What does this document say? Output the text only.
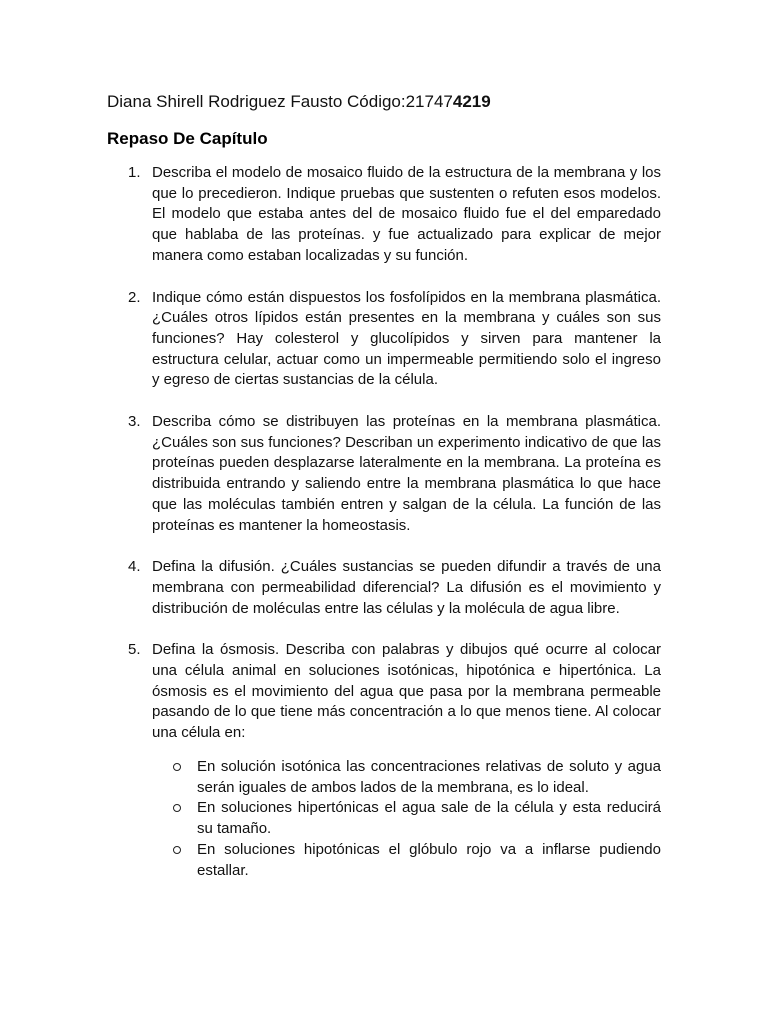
Diana Shirell Rodriguez Fausto Código:217474219
Repaso De Capítulo
1. Describa el modelo de mosaico fluido de la estructura de la membrana y los que lo precedieron. Indique pruebas que sustenten o refuten esos modelos. El modelo que estaba antes del de mosaico fluido fue el del emparedado que hablaba de las proteínas. y fue actualizado para explicar de mejor manera como estaban localizadas y su función.
2. Indique cómo están dispuestos los fosfolípidos en la membrana plasmática. ¿Cuáles otros lípidos están presentes en la membrana y cuáles son sus funciones? Hay colesterol y glucolípidos y sirven para mantener la estructura celular, actuar como un impermeable permitiendo solo el ingreso y egreso de ciertas sustancias de la célula.
3. Describa cómo se distribuyen las proteínas en la membrana plasmática. ¿Cuáles son sus funciones? Describan un experimento indicativo de que las proteínas pueden desplazarse lateralmente en la membrana. La proteína es distribuida entrando y saliendo entre la membrana plasmática lo que hace que las moléculas también entren y salgan de la célula. La función de las proteínas es mantener la homeostasis.
4. Defina la difusión. ¿Cuáles sustancias se pueden difundir a través de una membrana con permeabilidad diferencial? La difusión es el movimiento y distribución de moléculas entre las células y la molécula de agua libre.
5. Defina la ósmosis. Describa con palabras y dibujos qué ocurre al colocar una célula animal en soluciones isotónicas, hipotónica e hipertónica. La ósmosis es el movimiento del agua que pasa por la membrana permeable pasando de lo que tiene más concentración a lo que menos tiene. Al colocar una célula en:
En solución isotónica las concentraciones relativas de soluto y agua serán iguales de ambos lados de la membrana, es lo ideal.
En soluciones hipertónicas el agua sale de la célula y esta reducirá su tamaño.
En soluciones hipotónicas el glóbulo rojo va a inflarse pudiendo estallar.
